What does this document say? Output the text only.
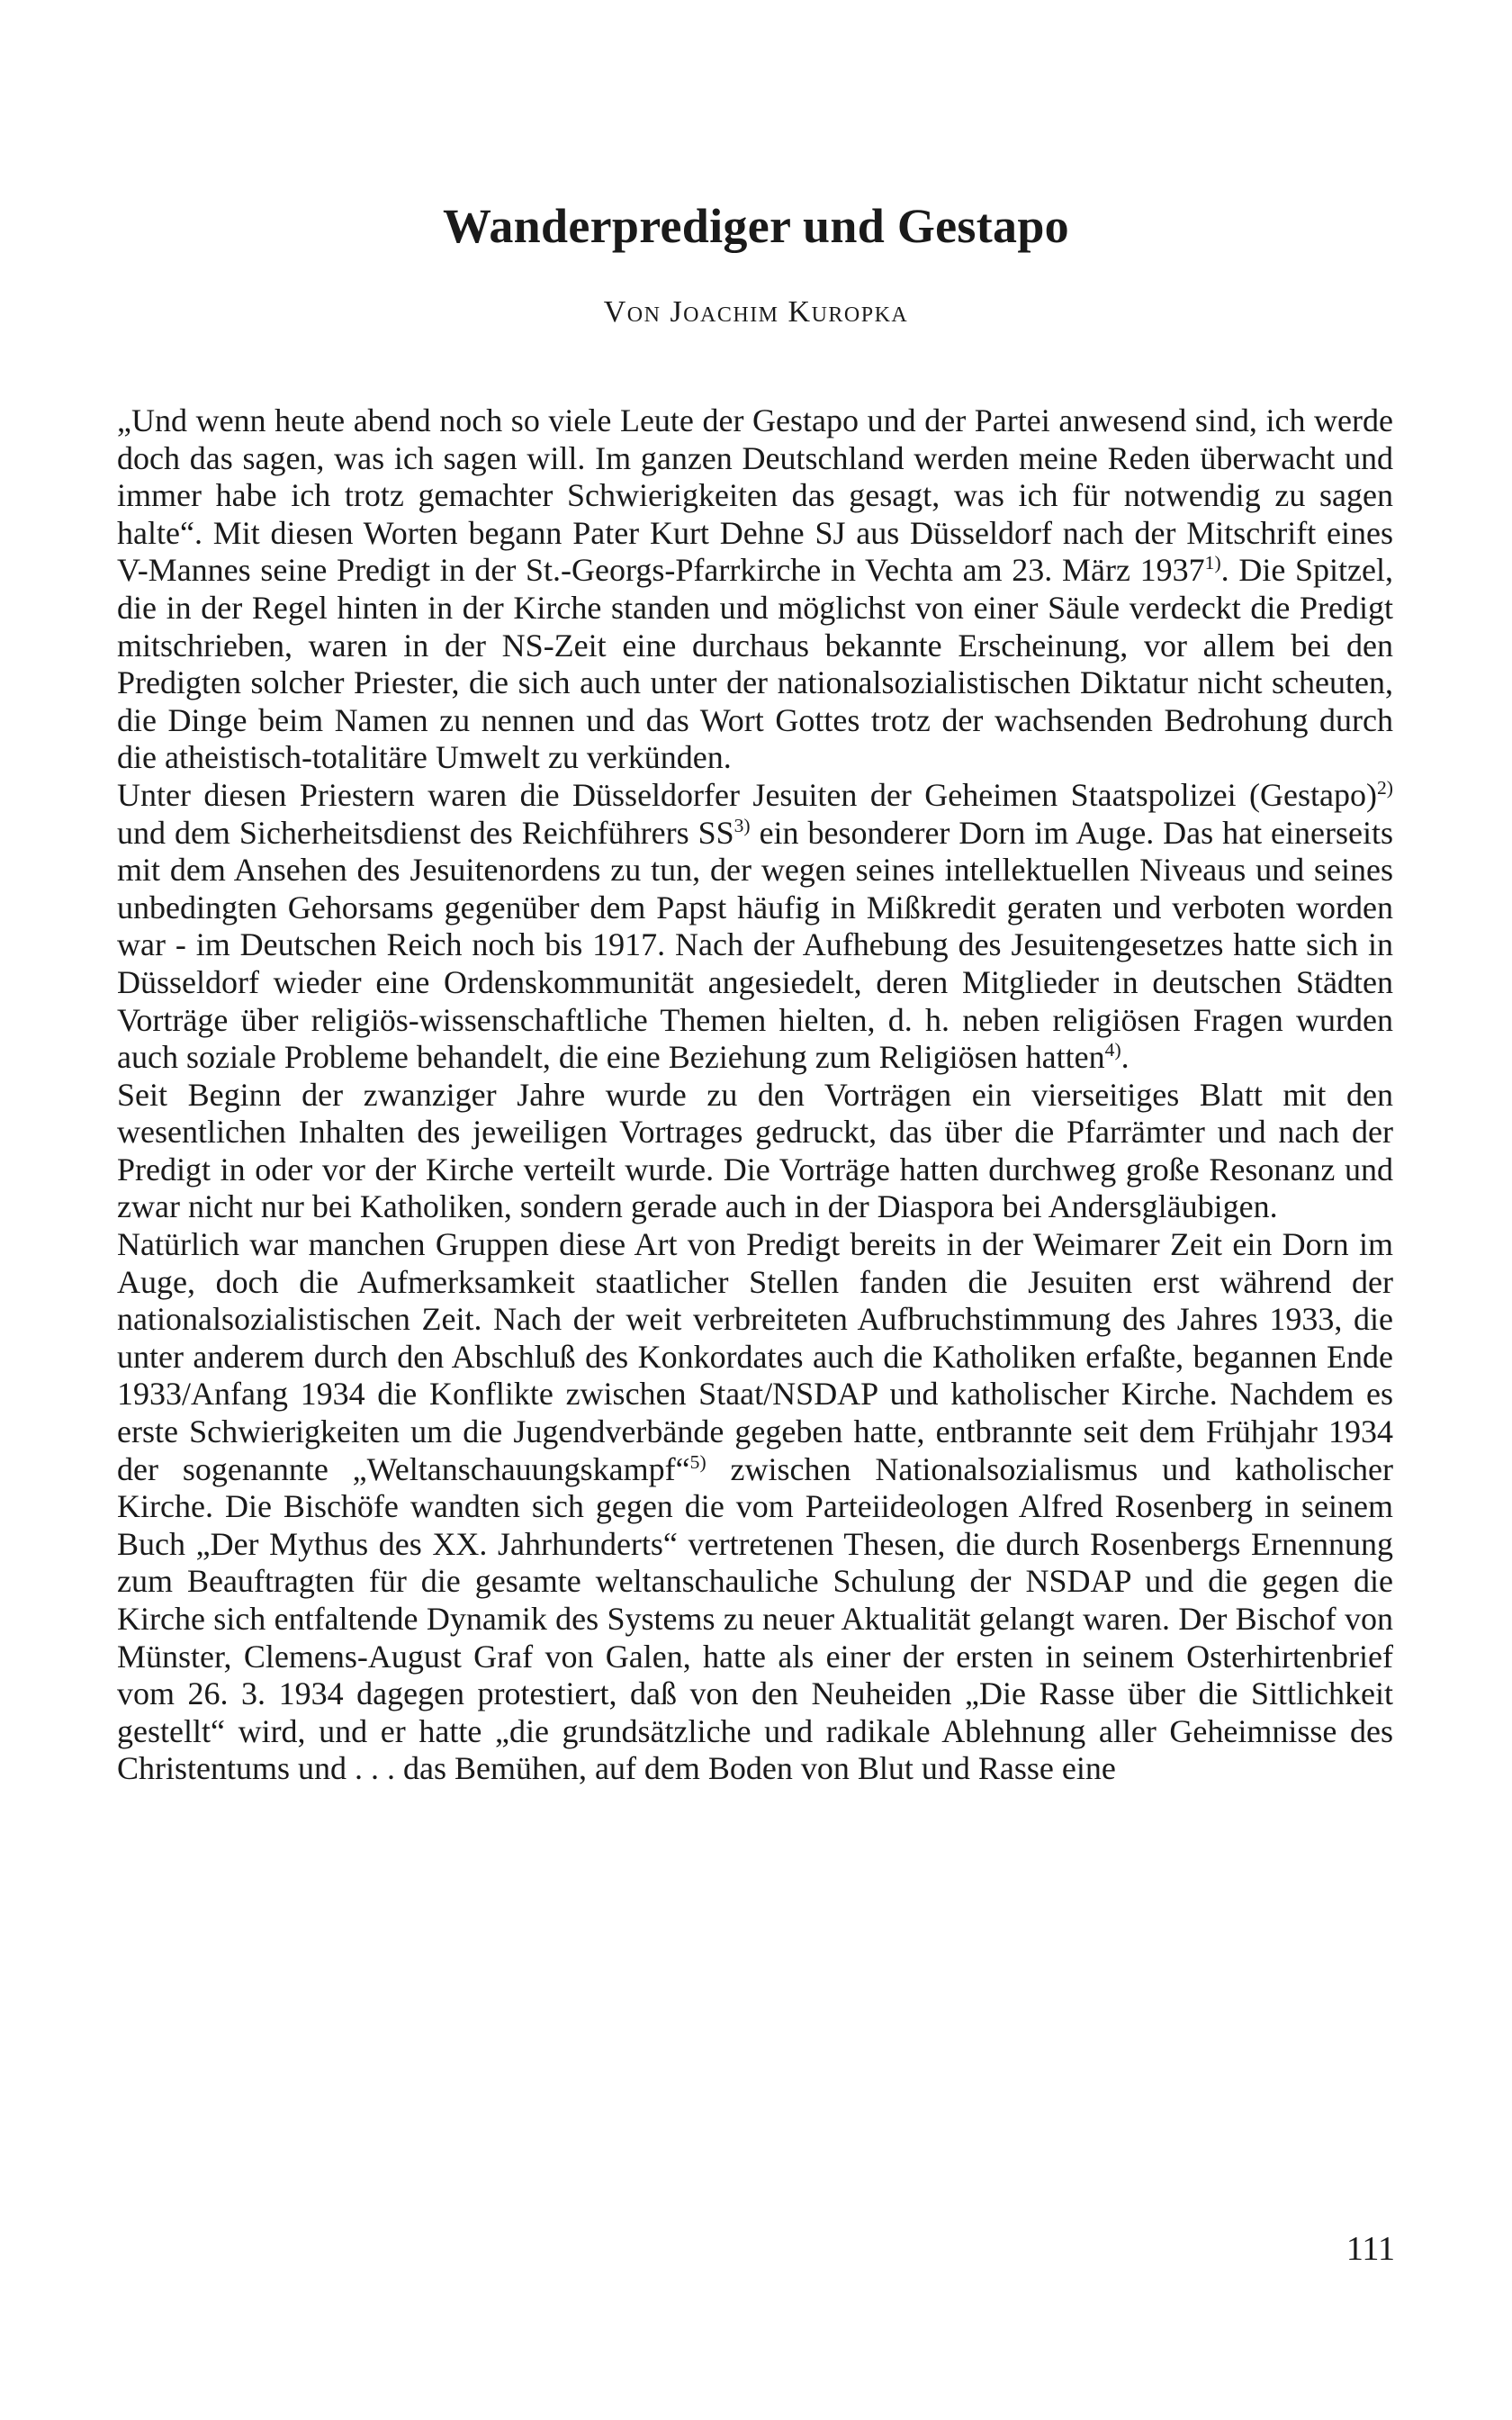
Wanderprediger und Gestapo

Von Joachim Kuropka

„Und wenn heute abend noch so viele Leute der Gestapo und der Partei anwesend sind, ich werde doch das sagen, was ich sagen will. Im ganzen Deutschland werden meine Reden überwacht und immer habe ich trotz gemachter Schwierigkeiten das gesagt, was ich für notwendig zu sagen halte“. Mit diesen Worten begann Pater Kurt Dehne SJ aus Düsseldorf nach der Mitschrift eines V-Mannes seine Predigt in der St.-Georgs-Pfarrkirche in Vechta am 23. März 1937$^{1)}$. Die Spitzel, die in der Regel hinten in der Kirche standen und möglichst von einer Säule verdeckt die Predigt mitschrieben, waren in der NS-Zeit eine durchaus bekannte Erscheinung, vor allem bei den Predigten solcher Priester, die sich auch unter der nationalsozialistischen Diktatur nicht scheuten, die Dinge beim Namen zu nennen und das Wort Gottes trotz der wachsenden Bedrohung durch die atheistisch-totalitäre Umwelt zu verkünden.

Unter diesen Priestern waren die Düsseldorfer Jesuiten der Geheimen Staatspolizei (Gestapo)$^{2)}$ und dem Sicherheitsdienst des Reichführers SS$^{3)}$ ein besonderer Dorn im Auge. Das hat einerseits mit dem Ansehen des Jesuitenordens zu tun, der wegen seines intellektuellen Niveaus und seines unbedingten Gehorsams gegenüber dem Papst häufig in Mißkredit geraten und verboten worden war - im Deutschen Reich noch bis 1917. Nach der Aufhebung des Jesuitengesetzes hatte sich in Düsseldorf wieder eine Ordenskommunität angesiedelt, deren Mitglieder in deutschen Städten Vorträge über religiös-wissenschaftliche Themen hielten, d. h. neben religiösen Fragen wurden auch soziale Probleme behandelt, die eine Beziehung zum Religiösen hatten$^{4)}$.

Seit Beginn der zwanziger Jahre wurde zu den Vorträgen ein vierseitiges Blatt mit den wesentlichen Inhalten des jeweiligen Vortrages gedruckt, das über die Pfarrämter und nach der Predigt in oder vor der Kirche verteilt wurde. Die Vorträge hatten durchweg große Resonanz und zwar nicht nur bei Katholiken, sondern gerade auch in der Diaspora bei Andersgläubigen.

Natürlich war manchen Gruppen diese Art von Predigt bereits in der Weimarer Zeit ein Dorn im Auge, doch die Aufmerksamkeit staatlicher Stellen fanden die Jesuiten erst während der nationalsozialistischen Zeit. Nach der weit verbreiteten Aufbruchstimmung des Jahres 1933, die unter anderem durch den Abschluß des Konkordates auch die Katholiken erfaßte, begannen Ende 1933/Anfang 1934 die Konflikte zwischen Staat/NSDAP und katholischer Kirche. Nachdem es erste Schwierigkeiten um die Jugendverbände gegeben hatte, entbrannte seit dem Frühjahr 1934 der sogenannte „Weltanschauungskampf“$^{5)}$ zwischen Nationalsozialismus und katholischer Kirche. Die Bischöfe wandten sich gegen die vom Parteiideologen Alfred Rosenberg in seinem Buch „Der Mythus des XX. Jahrhunderts“ vertretenen Thesen, die durch Rosenbergs Ernennung zum Beauftragten für die gesamte weltanschauliche Schulung der NSDAP und die gegen die Kirche sich entfaltende Dynamik des Systems zu neuer Aktualität gelangt waren. Der Bischof von Münster, Clemens-August Graf von Galen, hatte als einer der ersten in seinem Osterhirtenbrief vom 26. 3. 1934 dagegen protestiert, daß von den Neuheiden „Die Rasse über die Sittlichkeit gestellt“ wird, und er hatte „die grundsätzliche und radikale Ablehnung aller Geheimnisse des Christentums und . . . das Bemühen, auf dem Boden von Blut und Rasse eine

111
